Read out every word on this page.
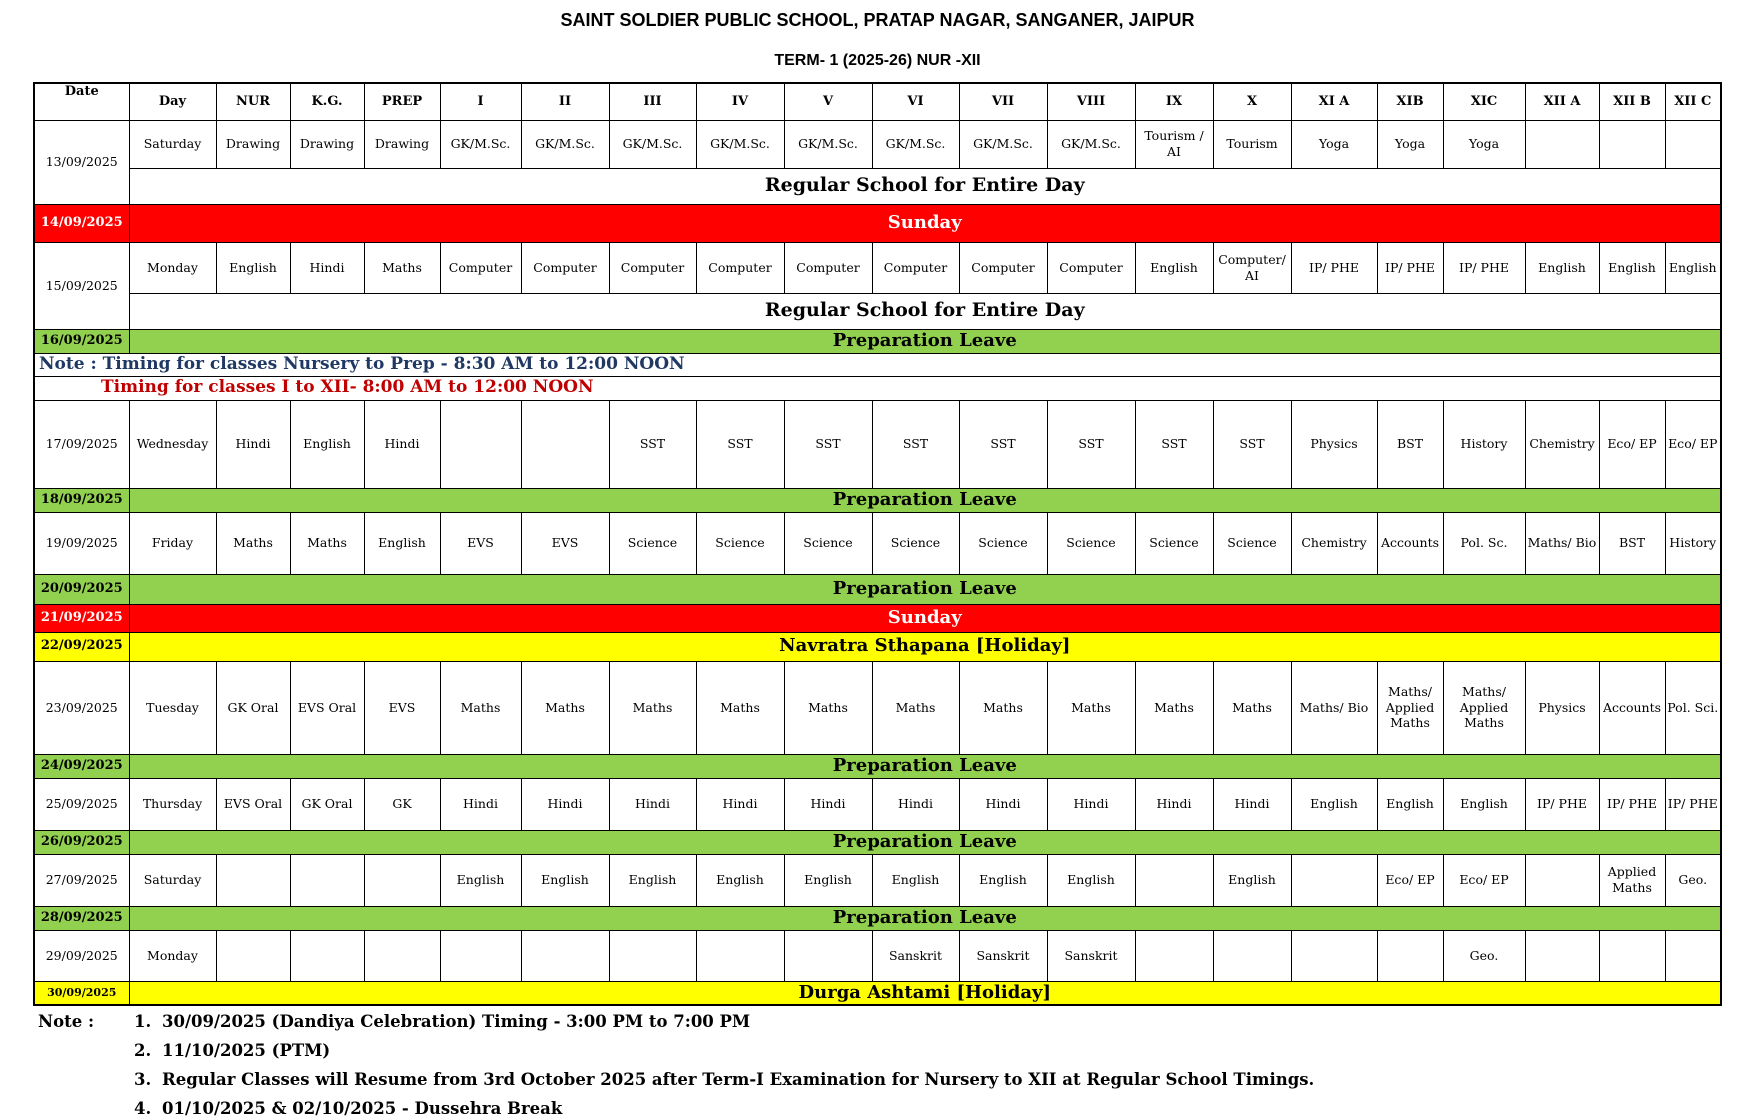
SAINT SOLDIER PUBLIC SCHOOL, PRATAP NAGAR, SANGANER, JAIPUR
TERM- 1 (2025-26) NUR -XII
Date	Day	NUR	K.G.	PREP	I	II	III	IV	V	VI	VII	VIII	IX	X	XI A	XIB	XIC	XII A	XII B	XII C
13/09/2025	Saturday	Drawing	Drawing	Drawing	GK/M.Sc.	GK/M.Sc.	GK/M.Sc.	GK/M.Sc.	GK/M.Sc.	GK/M.Sc.	GK/M.Sc.	GK/M.Sc.	Tourism / AI	Tourism	Yoga	Yoga	Yoga			
	Regular School for Entire Day																			
14/09/2025	Sunday																			
15/09/2025	Monday	English	Hindi	Maths	Computer	Computer	Computer	Computer	Computer	Computer	Computer	Computer	English	Computer/ AI	IP/ PHE	IP/ PHE	IP/ PHE	English	English	English
	Regular School for Entire Day																			
16/09/2025	Preparation Leave																			
Note : Timing for classes Nursery to Prep - 8:30 AM to 12:00 NOON																				
Timing for classes I to XII- 8:00 AM to 12:00 NOON																				
17/09/2025	Wednesday	Hindi	English	Hindi			SST	SST	SST	SST	SST	SST	SST	SST	Physics	BST	History	Chemistry	Eco/ EP	Eco/ EP
18/09/2025	Preparation Leave																			
19/09/2025	Friday	Maths	Maths	English	EVS	EVS	Science	Science	Science	Science	Science	Science	Science	Science	Chemistry	Accounts	Pol. Sc.	Maths/ Bio	BST	History
20/09/2025	Preparation Leave																			
21/09/2025	Sunday																			
22/09/2025	Navratra Sthapana [Holiday]																			
23/09/2025	Tuesday	GK Oral	EVS Oral	EVS	Maths	Maths	Maths	Maths	Maths	Maths	Maths	Maths	Maths	Maths	Maths/ Bio	Maths/ Applied Maths	Maths/ Applied Maths	Physics	Accounts	Pol. Sci.
24/09/2025	Preparation Leave																			
25/09/2025	Thursday	EVS Oral	GK Oral	GK	Hindi	Hindi	Hindi	Hindi	Hindi	Hindi	Hindi	Hindi	Hindi	Hindi	English	English	English	IP/ PHE	IP/ PHE	IP/ PHE
26/09/2025	Preparation Leave																			
27/09/2025	Saturday				English	English	English	English	English	English	English	English		English		Eco/ EP	Eco/ EP		Applied Maths	Geo.
28/09/2025	Preparation Leave																			
29/09/2025	Monday									Sanskrit	Sanskrit	Sanskrit					Geo.			
30/09/2025	Durga Ashtami [Holiday]																			
Note :	1. 30/09/2025 (Dandiya Celebration) Timing - 3:00 PM to 7:00 PM
2. 11/10/2025 (PTM)
3. Regular Classes will Resume from 3rd October 2025 after Term-I Examination for Nursery to XII at Regular School Timings.
4. 01/10/2025 & 02/10/2025 - Dussehra Break
